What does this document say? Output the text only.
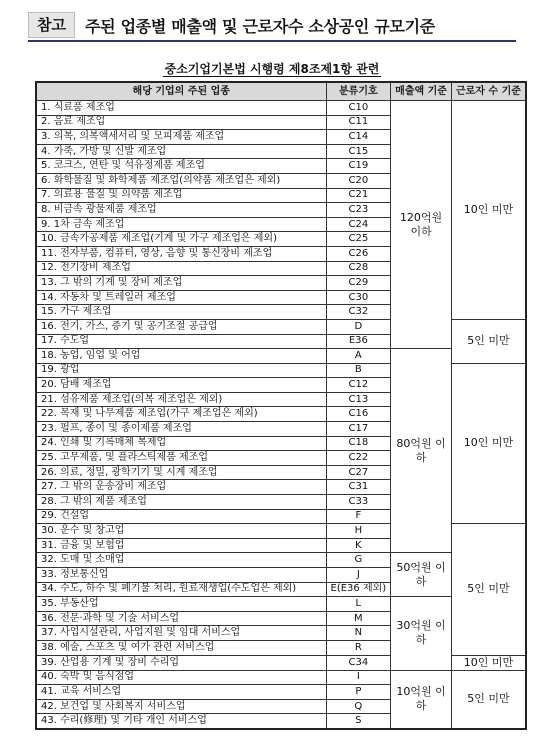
참고	주된 업종별 매출액 및 근로자수 소상공인 규모기준
중소기업기본법 시행령 제8조제1항 관련
해당 기업의 주된 업종	분류기호	매출액 기준	근로자 수 기준
1. 식료품 제조업	C10	120억원 이하	10인 미만
2. 음료 제조업	C11		
3. 의복, 의복액세서리 및 모피제품 제조업	C14		
4. 가죽, 가방 및 신발 제조업	C15		
5. 코크스, 연탄 및 석유정제품 제조업	C19		
6. 화학물질 및 화학제품 제조업(의약품 제조업은 제외)	C20		
7. 의료용 물질 및 의약품 제조업	C21		
8. 비금속 광물제품 제조업	C23		
9. 1차 금속 제조업	C24		
10. 금속가공제품 제조업(기계 및 가구 제조업은 제외)	C25		
11. 전자부품, 컴퓨터, 영상, 음향 및 통신장비 제조업	C26		
12. 전기장비 제조업	C28		
13. 그 밖의 기계 및 장비 제조업	C29		
14. 자동차 및 트레일러 제조업	C30		
15. 가구 제조업	C32		
16. 전기, 가스, 증기 및 공기조절 공급업	D		5인 미만
17. 수도업	E36		
18. 농업, 임업 및 어업	A	80억원 이하	
19. 광업	B		10인 미만
20. 담배 제조업	C12		
21. 섬유제품 제조업(의복 제조업은 제외)	C13		
22. 목재 및 나무제품 제조업(가구 제조업은 제외)	C16		
23. 펄프, 종이 및 종이제품 제조업	C17		
24. 인쇄 및 기록매체 복제업	C18		
25. 고무제품, 및 플라스틱제품 제조업	C22		
26. 의료, 정밀, 광학기기 및 시계 제조업	C27		
27. 그 밖의 운송장비 제조업	C31		
28. 그 밖의 제품 제조업	C33		
29. 건설업	F		
30. 운수 및 창고업	H		5인 미만
31. 금융 및 보험업	K		
32. 도매 및 소매업	G	50억원 이하	
33. 정보통신업	J		
34. 수도, 하수 및 폐기물 처리, 원료재생업(수도업은 제외)	E(E36 제외)		
35. 부동산업	L	30억원 이하	
36. 전문·과학 및 기술 서비스업	M		
37. 사업시설관리, 사업지원 및 임대 서비스업	N		
38. 예술, 스포츠 및 여가 관련 서비스업	R		
39. 산업용 기계 및 장비 수리업	C34		10인 미만
40. 숙박 및 음식점업	I	10억원 이하	5인 미만
41. 교육 서비스업	P		
42. 보건업 및 사회복지 서비스업	Q		
43. 수리(修理) 및 기타 개인 서비스업	S		
